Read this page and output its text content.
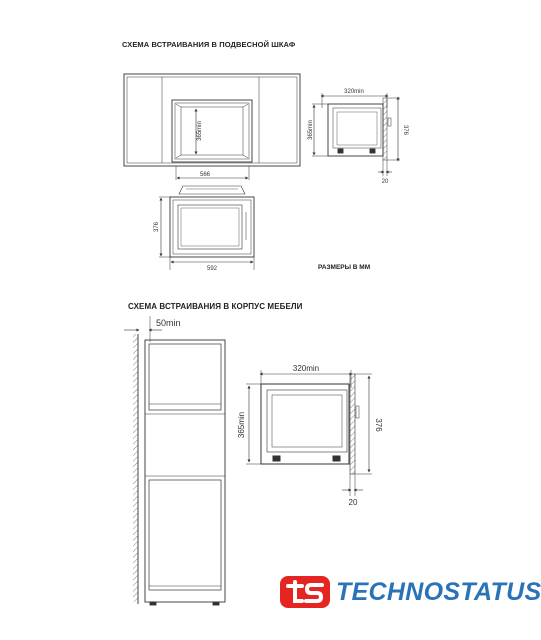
СХЕМА ВСТРАИВАНИЯ В ПОДВЕСНОЙ ШКАФ
СХЕМА ВСТРАИВАНИЯ В КОРПУС МЕБЕЛИ
РАЗМЕРЫ В ММ
365min
566
320min
365min	376
20
376
592
50min
320min
365min	376
20
TECHNOSTATUS
